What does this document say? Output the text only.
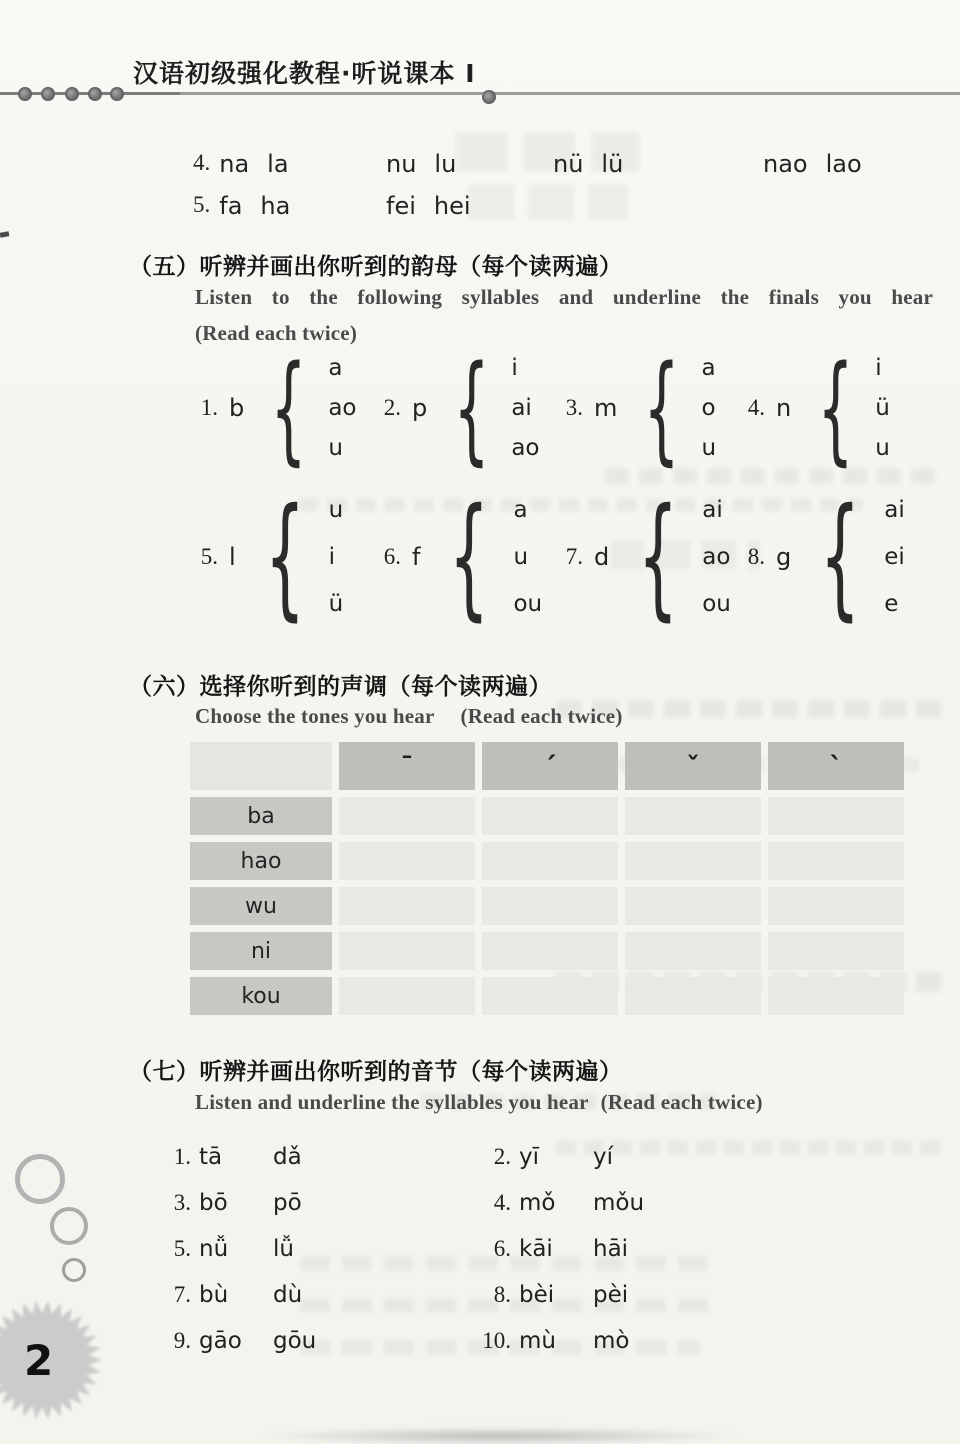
汉语初级强化教程·听说课本 I
4. na la	nu lu	nü lü	nao lao
5. fa ha	fei hei
（五）听辨并画出你听到的韵母（每个读两遍）
Listen to the following syllables and underline the finals you hear
(Read each twice)
1. b { a
ao
u
2. p { i
ai
ao
3. m { a
o
u
4. n { i
ü
u
5. l { u
i
ü
6. f { a
u
ou
7. d { ai
ao
ou
8. g { ai
ei
e
（六）选择你听到的声调（每个读两遍）
Choose the tones you hear (Read each twice)
ˉ	ˊ	ˇ	ˋ
ba
hao
wu
ni
kou
（七）听辨并画出你听到的音节（每个读两遍）
Listen and underline the syllables you hear (Read each twice)
1. tā	dǎ
3. bō	pō
5. nǚ	lǚ
7. bù	dù
9. gāo	gōu
2. yī	yí
4. mǒ	mǒu
6. kāi	hāi
8. bèi	pèi
10. mù	mò
2
